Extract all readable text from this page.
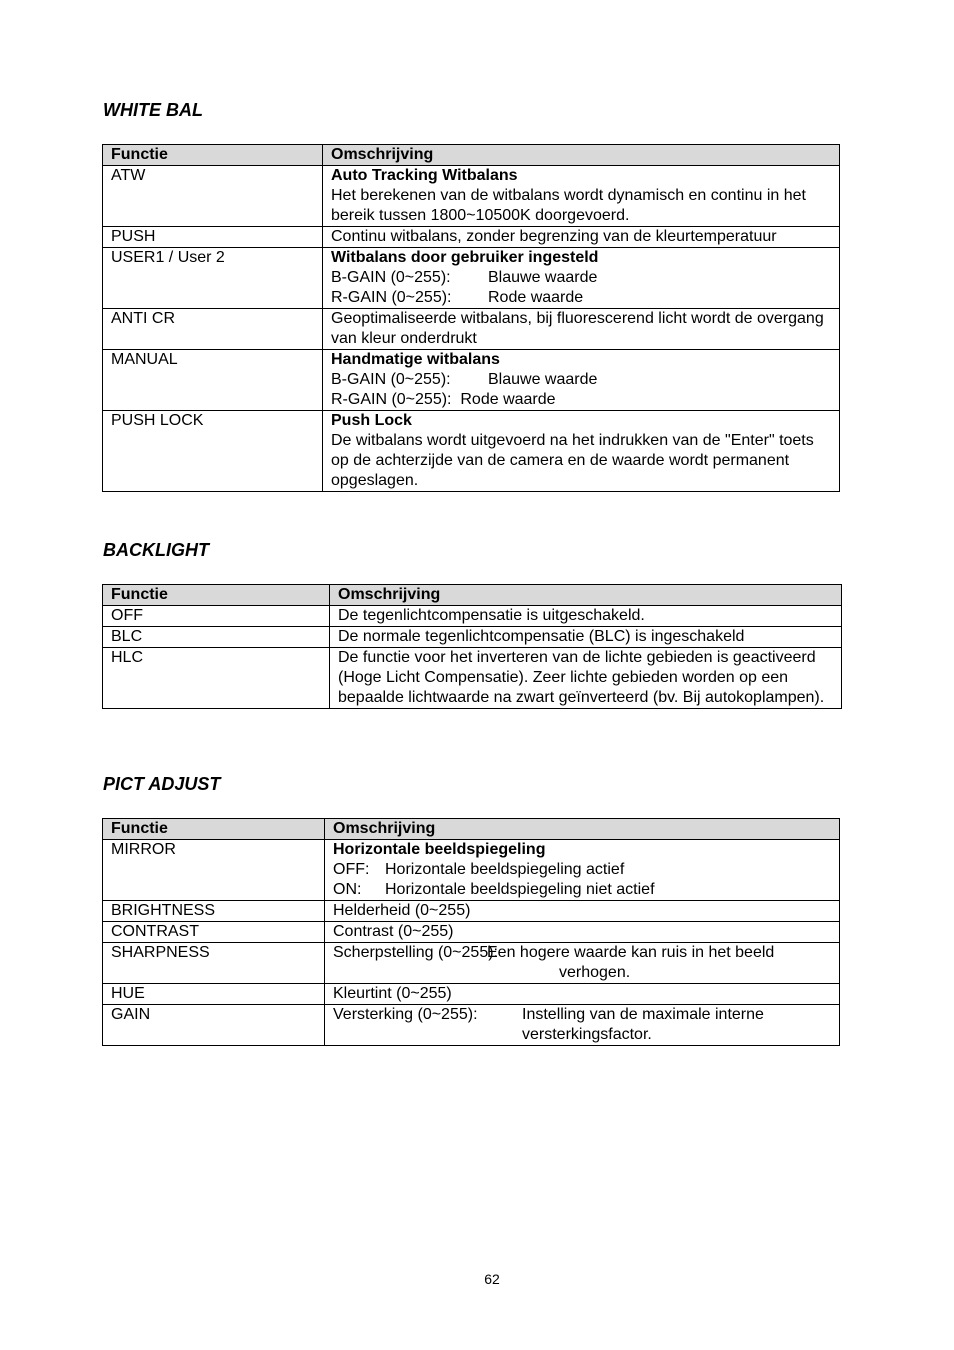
WHITE BAL
Functie	Omschrijving
ATW	Auto Tracking Witbalans
Het berekenen van de witbalans wordt dynamisch en continu in het bereik tussen 1800~10500K doorgevoerd.

PUSH	Continu witbalans, zonder begrenzing van de kleurtemperatuur
USER1 / User 2	Witbalans door gebruiker ingesteld
B-GAIN (0~255): Blauwe waarde
R-GAIN (0~255): Rode waarde

ANTI CR	Geoptimaliseerde witbalans, bij fluorescerend licht wordt de overgang van kleur onderdrukt
MANUAL	Handmatige witbalans
B-GAIN (0~255): Blauwe waarde
R-GAIN (0~255):  Rode waarde

PUSH LOCK	Push Lock
De witbalans wordt uitgevoerd na het indrukken van de "Enter" toets op de achterzijde van de camera en de waarde wordt permanent opgeslagen.
BACKLIGHT
Functie	Omschrijving
OFF	De tegenlichtcompensatie is uitgeschakeld.
BLC	De normale tegenlichtcompensatie (BLC) is ingeschakeld
HLC	De functie voor het inverteren van de lichte gebieden is geactiveerd (Hoge Licht Compensatie). Zeer lichte gebieden worden op een bepaalde lichtwaarde na zwart geïnverteerd (bv. Bij autokoplampen).
PICT ADJUST
Functie	Omschrijving
MIRROR	Horizontale beeldspiegeling
OFF: Horizontale beeldspiegeling actief
ON: Horizontale beeldspiegeling niet actief

BRIGHTNESS	Helderheid (0~255)
CONTRAST	Contrast (0~255)
SHARPNESS	Scherpstelling (0~255):
Een hogere waarde kan ruis in het beeld verhogen.

HUE	Kleurtint (0~255)
GAIN	Versterking (0~255): Instelling van de maximale interne versterkingsfactor.
62
